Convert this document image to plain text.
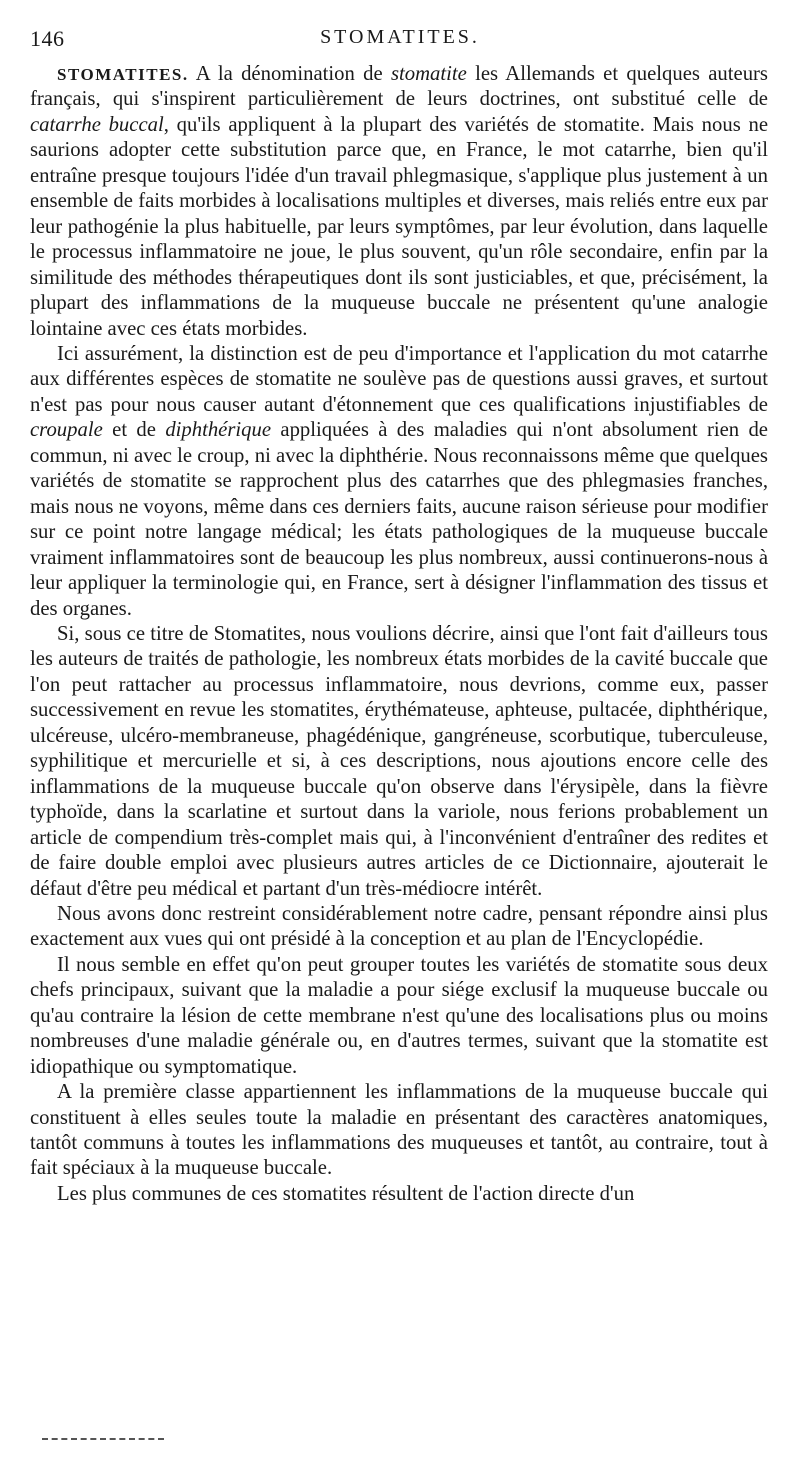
146	STOMATITES.

STOMATITES. A la dénomination de stomatite les Allemands et quelques auteurs français, qui s'inspirent particulièrement de leurs doctrines, ont substitué celle de catarrhe buccal, qu'ils appliquent à la plupart des variétés de stomatite. Mais nous ne saurions adopter cette substitution parce que, en France, le mot catarrhe, bien qu'il entraîne presque toujours l'idée d'un travail phlegmasique, s'applique plus justement à un ensemble de faits morbides à localisations multiples et diverses, mais reliés entre eux par leur pathogénie la plus habituelle, par leurs symptômes, par leur évolution, dans laquelle le processus inflammatoire ne joue, le plus souvent, qu'un rôle secondaire, enfin par la similitude des méthodes thérapeutiques dont ils sont justiciables, et que, précisément, la plupart des inflammations de la muqueuse buccale ne présentent qu'une analogie lointaine avec ces états morbides.

Ici assurément, la distinction est de peu d'importance et l'application du mot catarrhe aux différentes espèces de stomatite ne soulève pas de questions aussi graves, et surtout n'est pas pour nous causer autant d'étonnement que ces qualifications injustifiables de croupale et de diphthérique appliquées à des maladies qui n'ont absolument rien de commun, ni avec le croup, ni avec la diphthérie. Nous reconnaissons même que quelques variétés de stomatite se rapprochent plus des catarrhes que des phlegmasies franches, mais nous ne voyons, même dans ces derniers faits, aucune raison sérieuse pour modifier sur ce point notre langage médical; les états pathologiques de la muqueuse buccale vraiment inflammatoires sont de beaucoup les plus nombreux, aussi continuerons-nous à leur appliquer la terminologie qui, en France, sert à désigner l'inflammation des tissus et des organes.

Si, sous ce titre de Stomatites, nous voulions décrire, ainsi que l'ont fait d'ailleurs tous les auteurs de traités de pathologie, les nombreux états morbides de la cavité buccale que l'on peut rattacher au processus inflammatoire, nous devrions, comme eux, passer successivement en revue les stomatites, érythémateuse, aphteuse, pultacée, diphthérique, ulcéreuse, ulcéro-membraneuse, phagédénique, gangréneuse, scorbutique, tuberculeuse, syphilitique et mercurielle et si, à ces descriptions, nous ajoutions encore celle des inflammations de la muqueuse buccale qu'on observe dans l'érysipèle, dans la fièvre typhoïde, dans la scarlatine et surtout dans la variole, nous ferions probablement un article de compendium très-complet mais qui, à l'inconvénient d'entraîner des redites et de faire double emploi avec plusieurs autres articles de ce Dictionnaire, ajouterait le défaut d'être peu médical et partant d'un très-médiocre intérêt.

Nous avons donc restreint considérablement notre cadre, pensant répondre ainsi plus exactement aux vues qui ont présidé à la conception et au plan de l'Encyclopédie.

Il nous semble en effet qu'on peut grouper toutes les variétés de stomatite sous deux chefs principaux, suivant que la maladie a pour siége exclusif la muqueuse buccale ou qu'au contraire la lésion de cette membrane n'est qu'une des localisations plus ou moins nombreuses d'une maladie générale ou, en d'autres termes, suivant que la stomatite est idiopathique ou symptomatique.

A la première classe appartiennent les inflammations de la muqueuse buccale qui constituent à elles seules toute la maladie en présentant des caractères anatomiques, tantôt communs à toutes les inflammations des muqueuses et tantôt, au contraire, tout à fait spéciaux à la muqueuse buccale.

Les plus communes de ces stomatites résultent de l'action directe d'un
